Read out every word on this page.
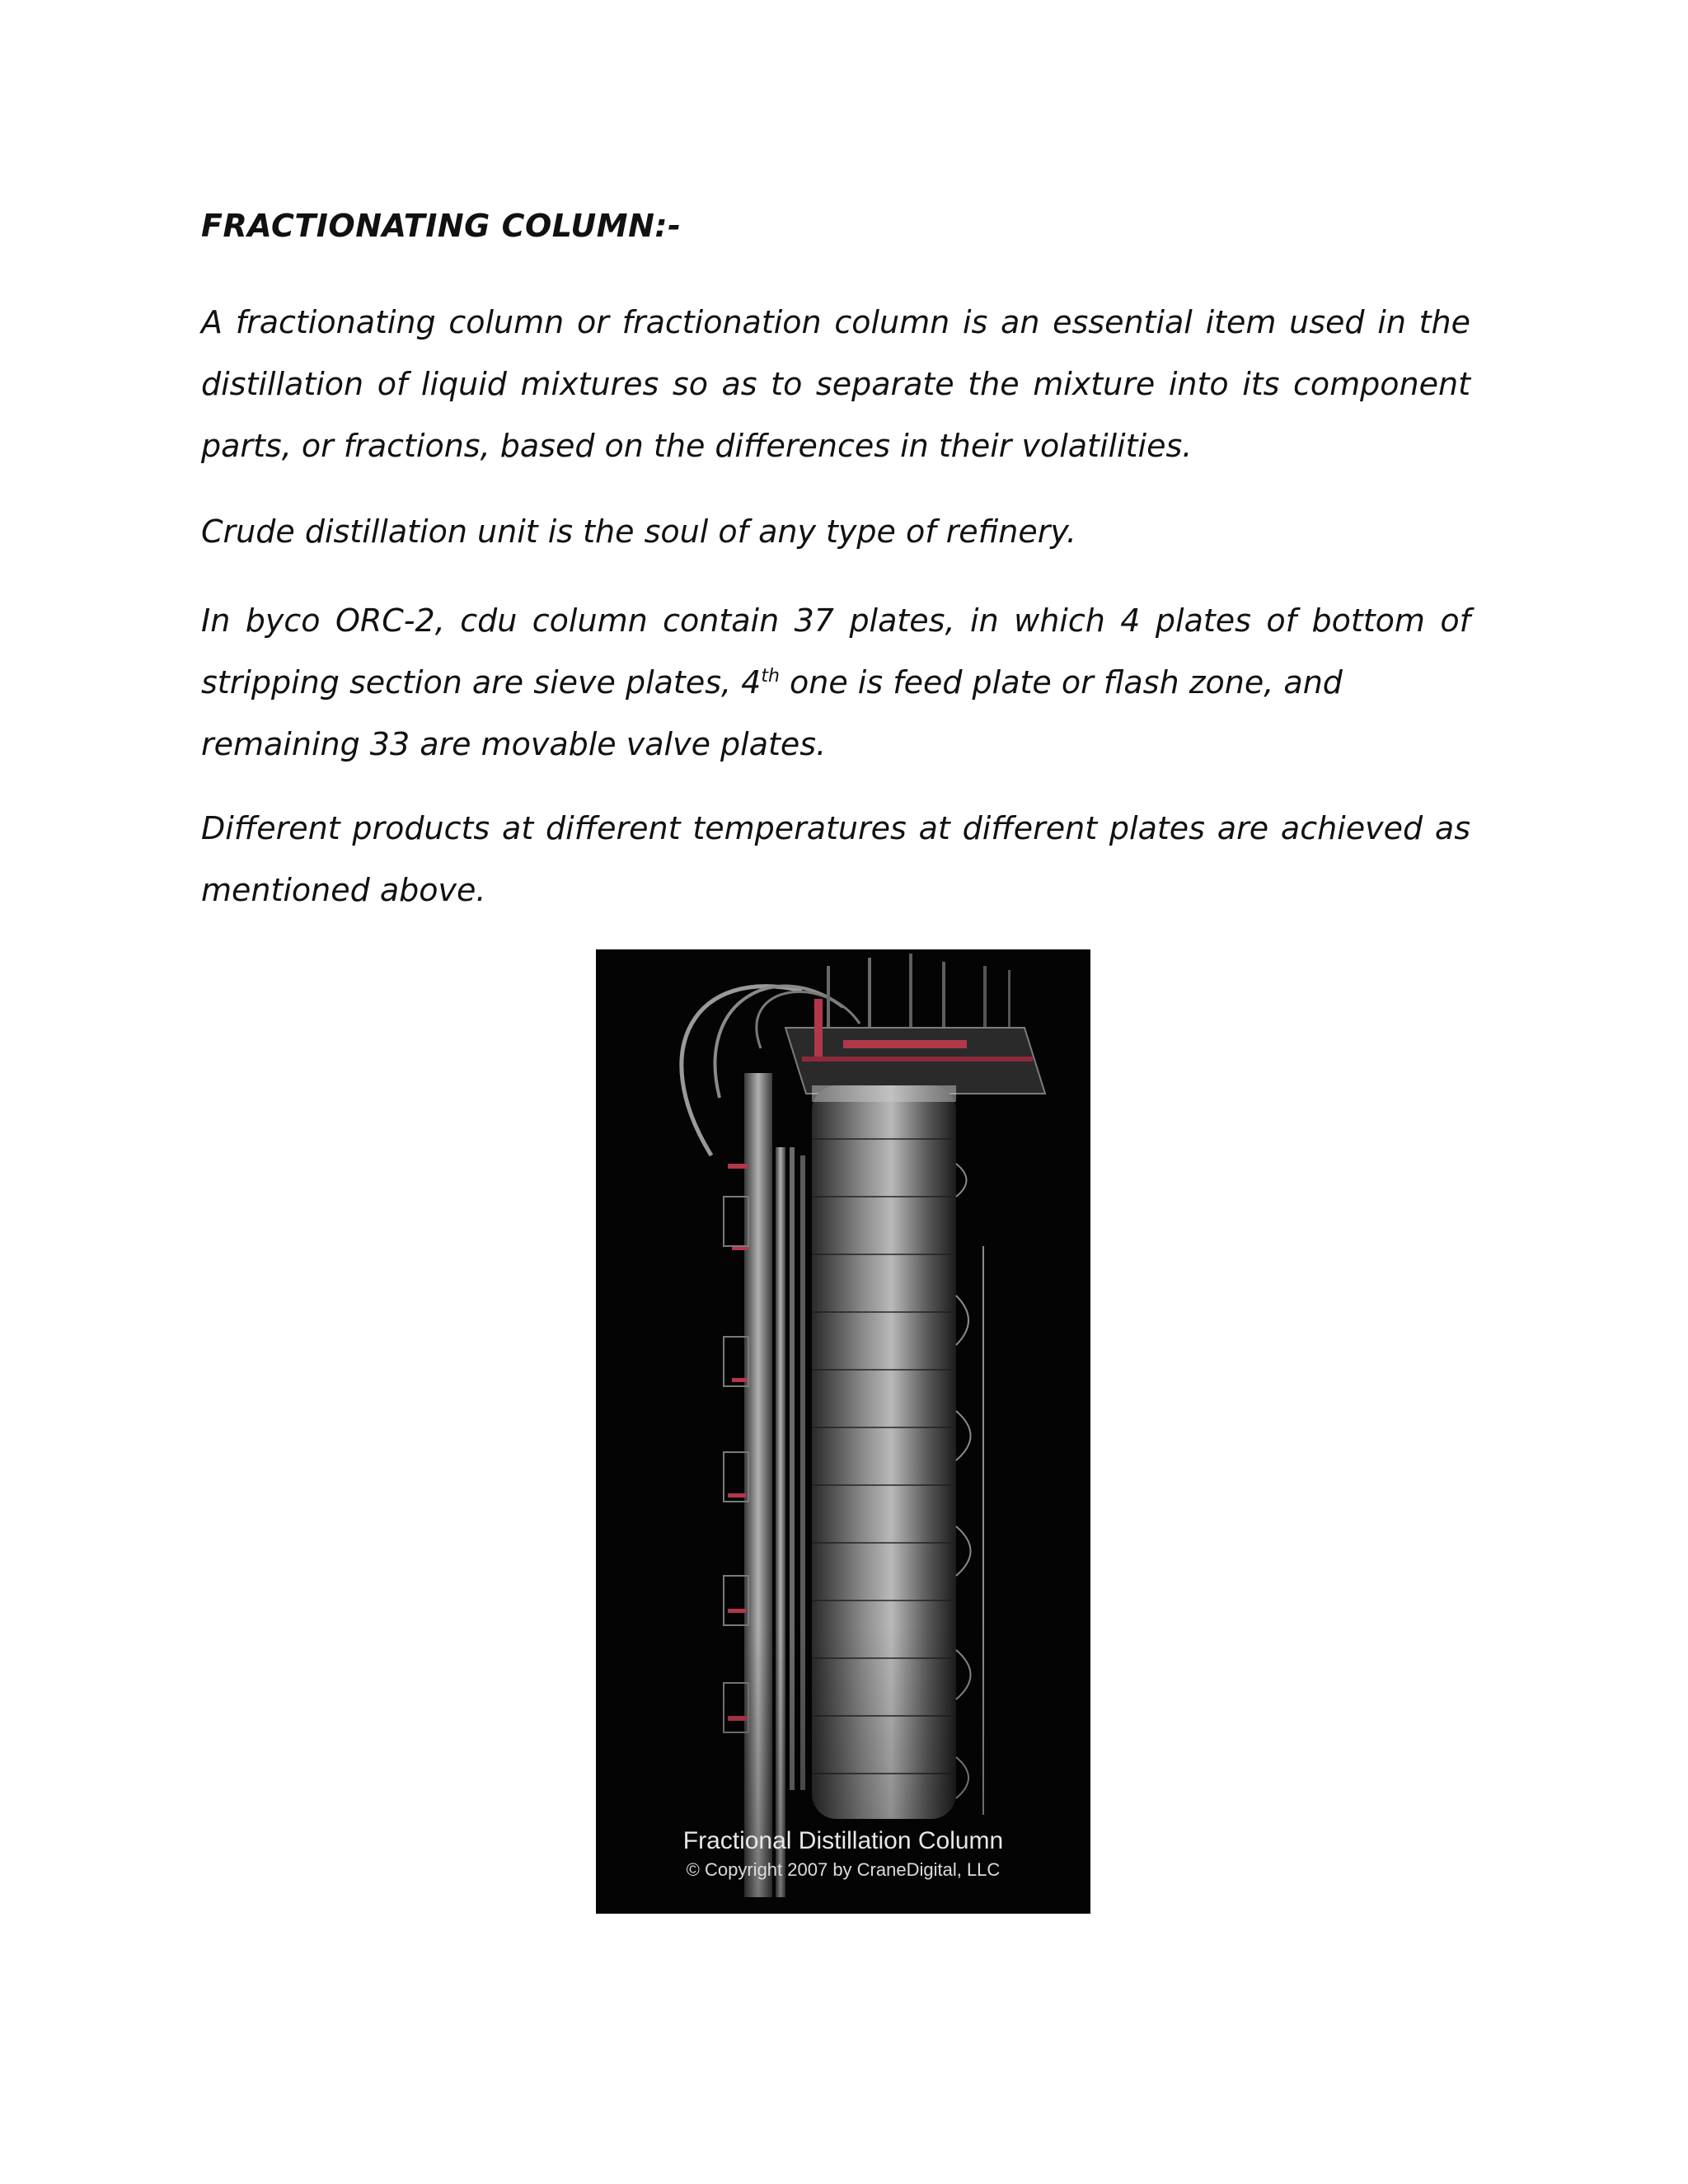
FRACTIONATING COLUMN:-
A fractionating column or fractionation column is an essential item used in the
distillation of liquid mixtures so as to separate the mixture into its component
parts, or fractions, based on the differences in their volatilities.
Crude distillation unit is the soul of any type of refinery.
In byco ORC-2, cdu column contain 37 plates, in which 4 plates of bottom of
stripping section are sieve plates, 4th one is feed plate or flash zone, and
remaining 33 are movable valve plates.
Different products at different temperatures at different plates are achieved as
mentioned above.
Fractional Distillation Column
© Copyright 2007 by CraneDigital, LLC
